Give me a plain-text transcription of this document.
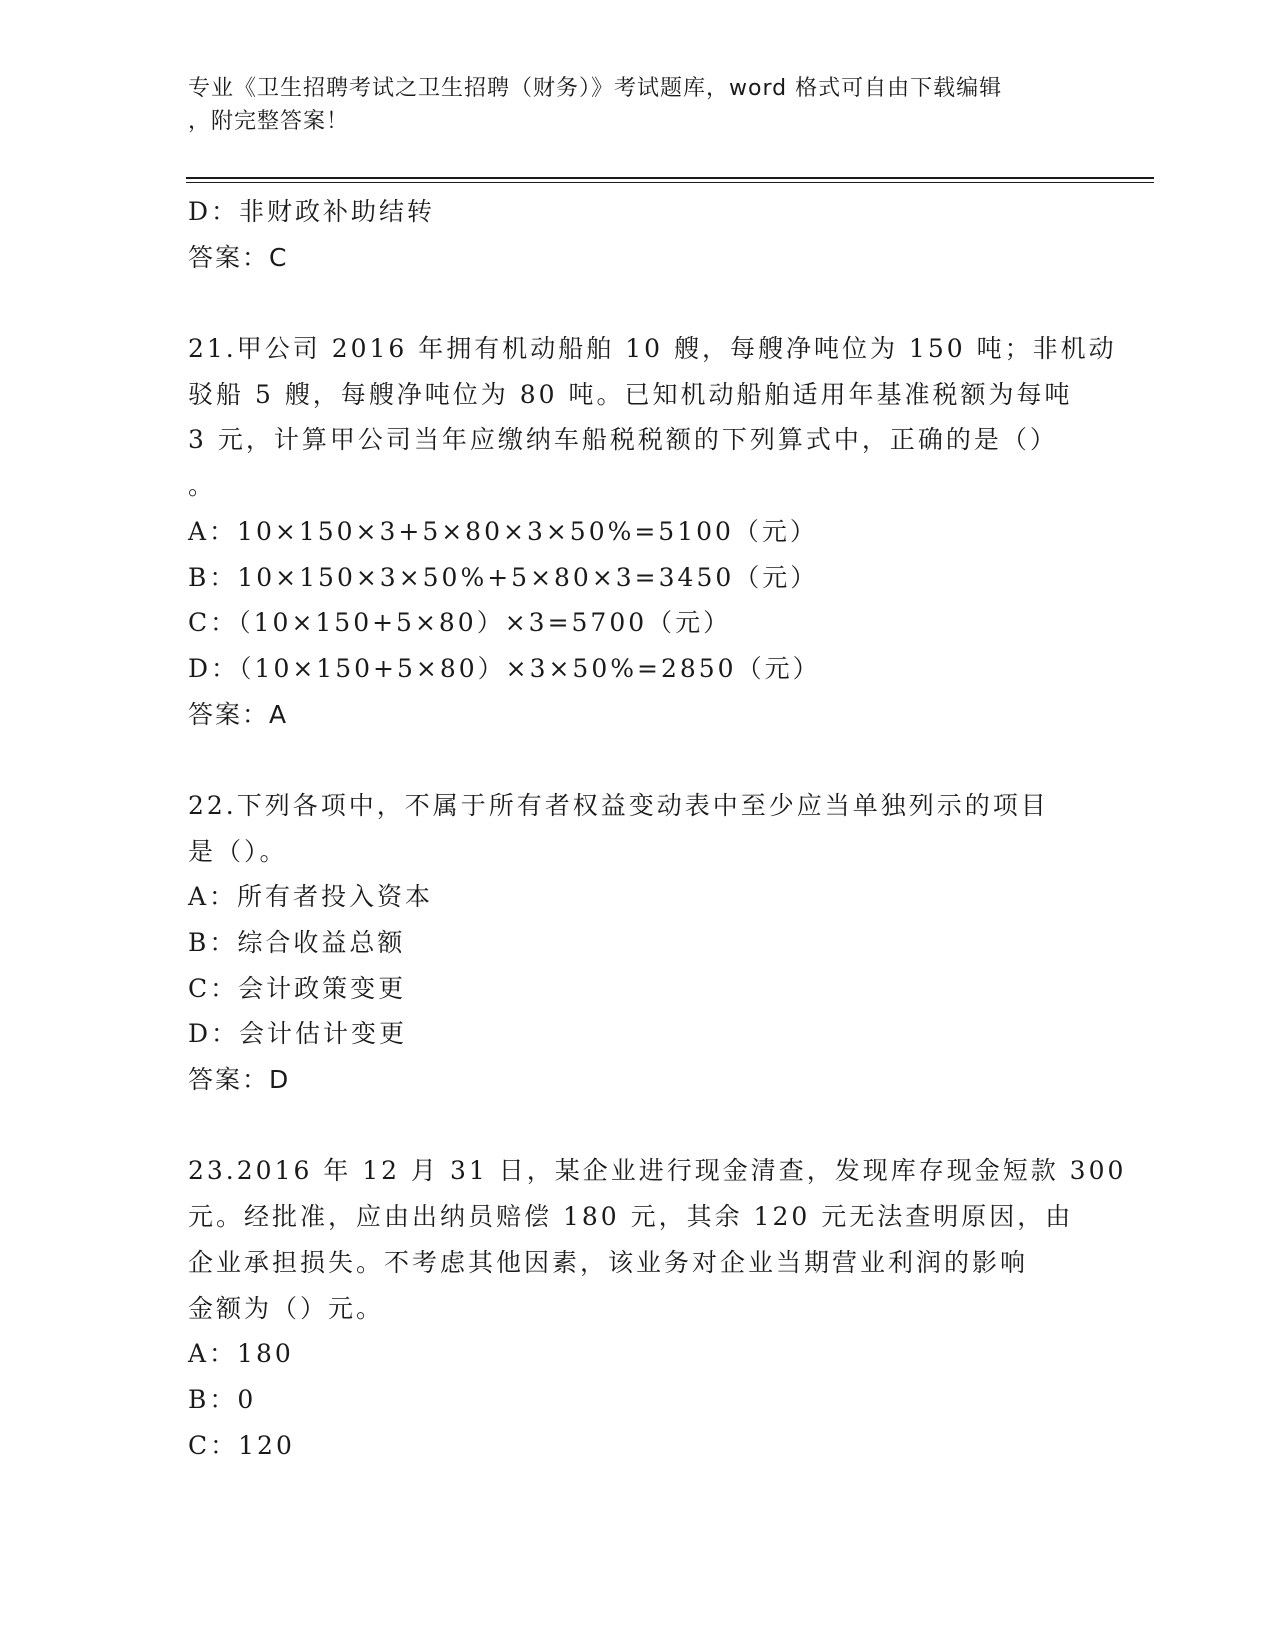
专业《卫生招聘考试之卫生招聘（财务）》考试题库，word 格式可自由下载编辑
，附完整答案！
D：非财政补助结转
答案：C
21.甲公司 2016 年拥有机动船舶 10 艘，每艘净吨位为 150 吨；非机动
驳船 5 艘，每艘净吨位为 80 吨。已知机动船舶适用年基准税额为每吨
3 元，计算甲公司当年应缴纳车船税税额的下列算式中，正确的是（）
。
A：10×150×3+5×80×3×50%=5100（元）
B：10×150×3×50%+5×80×3=3450（元）
C：（10×150+5×80）×3=5700（元）
D：（10×150+5×80）×3×50%=2850（元）
答案：A
22.下列各项中，不属于所有者权益变动表中至少应当单独列示的项目
是（）。
A：所有者投入资本
B：综合收益总额
C：会计政策变更
D：会计估计变更
答案：D
23.2016 年 12 月 31 日，某企业进行现金清查，发现库存现金短款 300
元。经批准，应由出纳员赔偿 180 元，其余 120 元无法查明原因，由
企业承担损失。不考虑其他因素，该业务对企业当期营业利润的影响
金额为（）元。
A：180
B：0
C：120
